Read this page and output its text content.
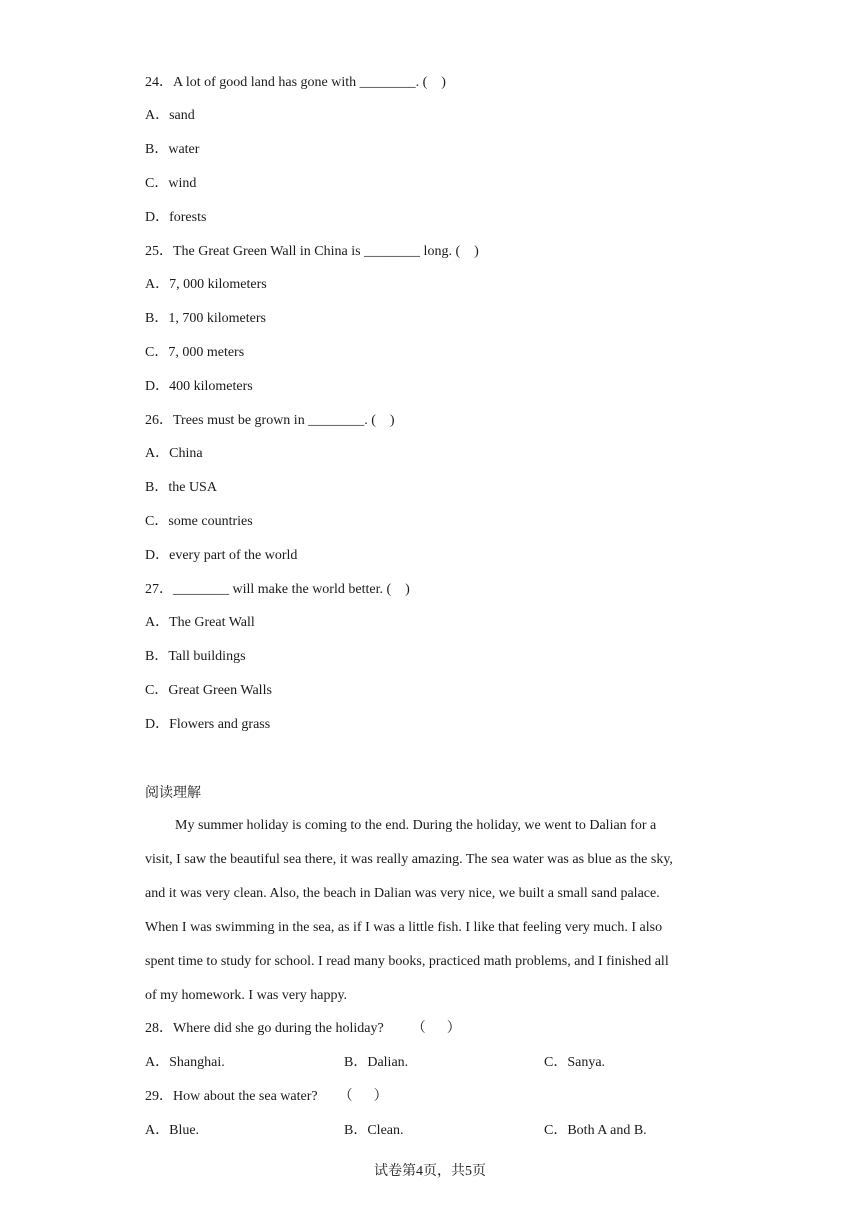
24．A lot of good land has gone with ________. (    )
A．sand
B．water
C．wind
D．forests
25．The Great Green Wall in China is ________ long. (    )
A．7, 000 kilometers
B．1, 700 kilometers
C．7, 000 meters
D．400 kilometers
26．Trees must be grown in ________. (    )
A．China
B．the USA
C．some countries
D．every part of the world
27．________ will make the world better. (    )
A．The Great Wall
B．Tall buildings
C．Great Green Walls
D．Flowers and grass
阅读理解
My summer holiday is coming to the end. During the holiday, we went to Dalian for a
visit, I saw the beautiful sea there, it was really amazing. The sea water was as blue as the sky,
and it was very clean. Also, the beach in Dalian was very nice, we built a small sand palace.
When I was swimming in the sea, as if I was a little fish. I like that feeling very much. I also
spent time to study for school. I read many books, practiced math problems, and I finished all
of my homework. I was very happy.
28．Where did she go during the holiday?        （      ）
A．Shanghai.	B．Dalian.	C．Sanya.
29．How about the sea water?      （      ）
A．Blue.	B．Clean.	C．Both A and B.
试卷第4页，共5页
